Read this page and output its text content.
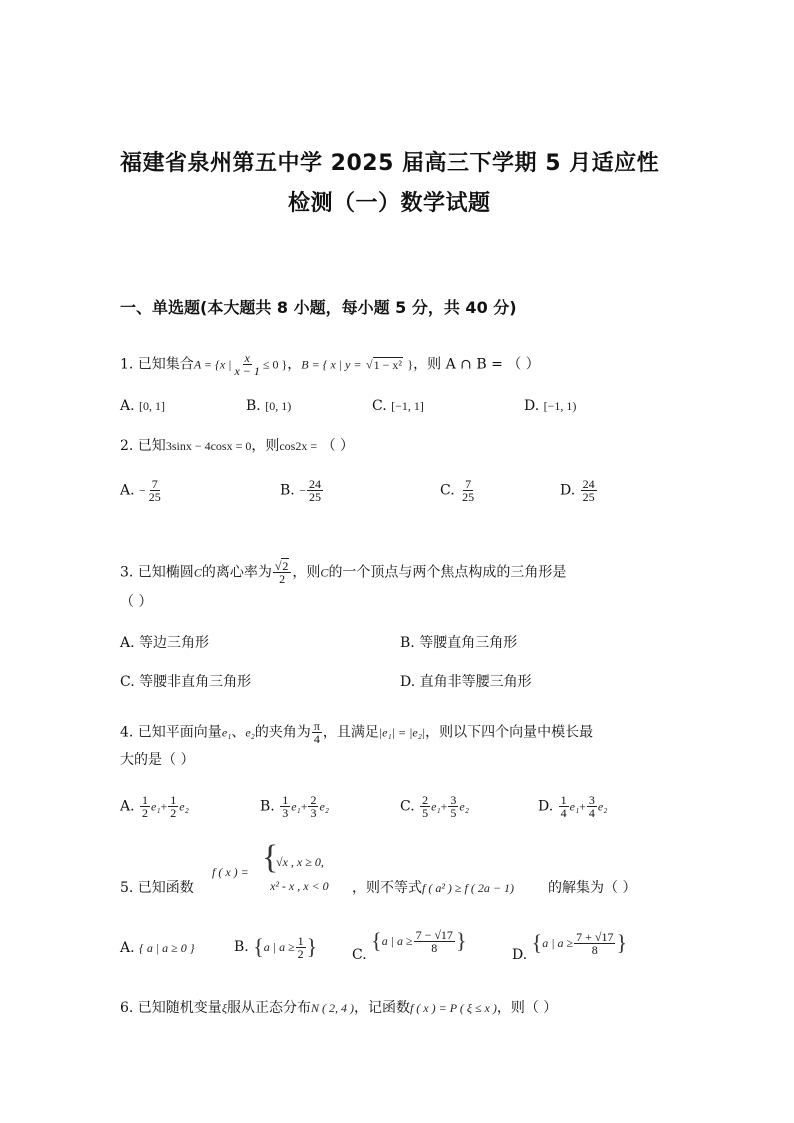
福建省泉州第五中学 2025 届高三下学期 5 月适应性
检测（一）数学试题
一、单选题(本大题共 8 小题，每小题 5 分，共 40 分)
1. 已知集合A = {x | $\frac{x}{x - 1} \le 0$ }，B = { x | y = √1 − x² }，则 A ∩ B = （ ）
A. [0, 1]	B. [0, 1)	C. [−1, 1]	D. [−1, 1)
2. 已知3sinx − 4cosx = 0，则cos2x = （ ）
A. − $\frac{7}{25}$	B. − $\frac{24}{25}$	C. $\frac{7}{25}$	D. $\frac{24}{25}$
3. 已知椭圆C的离心率为 $\frac{√2}{2}$ ，则C的一个顶点与两个焦点构成的三角形是
（ ）
A. 等边三角形	B. 等腰直角三角形
C. 等腰非直角三角形	D. 直角非等腰三角形
4. 已知平面向量e₁、e₂的夹角为 $\frac{\pi}{4}$ ，且满足|e₁| = |e₂|，则以下四个向量中模长最
大的是（ ）
A. $\frac{1}{2} e_1+ \frac{1}{2} e_2$	B. $\frac{1}{3} e_1+ \frac{2}{3} e_2$	C. $\frac{2}{5} e_1+ \frac{3}{5} e_2$	D. $\frac{1}{4} e_1+ \frac{3}{4} e_2$
5. 已知函数
f ( x ) = {
√x , x ≥ 0,
x² - x , x < 0 ，则不等式 f ( a² ) ≥ f ( 2a − 1) 的解集为（ ）
A. { a | a ≥ 0 }	B. {a | $a \ge \frac{1}{2}$ } C. {a | $a \ge \frac{7 - √17}{8}$ }
D. {a | $a \ge \frac{7 + √17}{8}$ }
6. 已知随机变量ξ服从正态分布N ( 2, 4 )，记函数f ( x ) = P ( ξ ≤ x )，则（ ）
